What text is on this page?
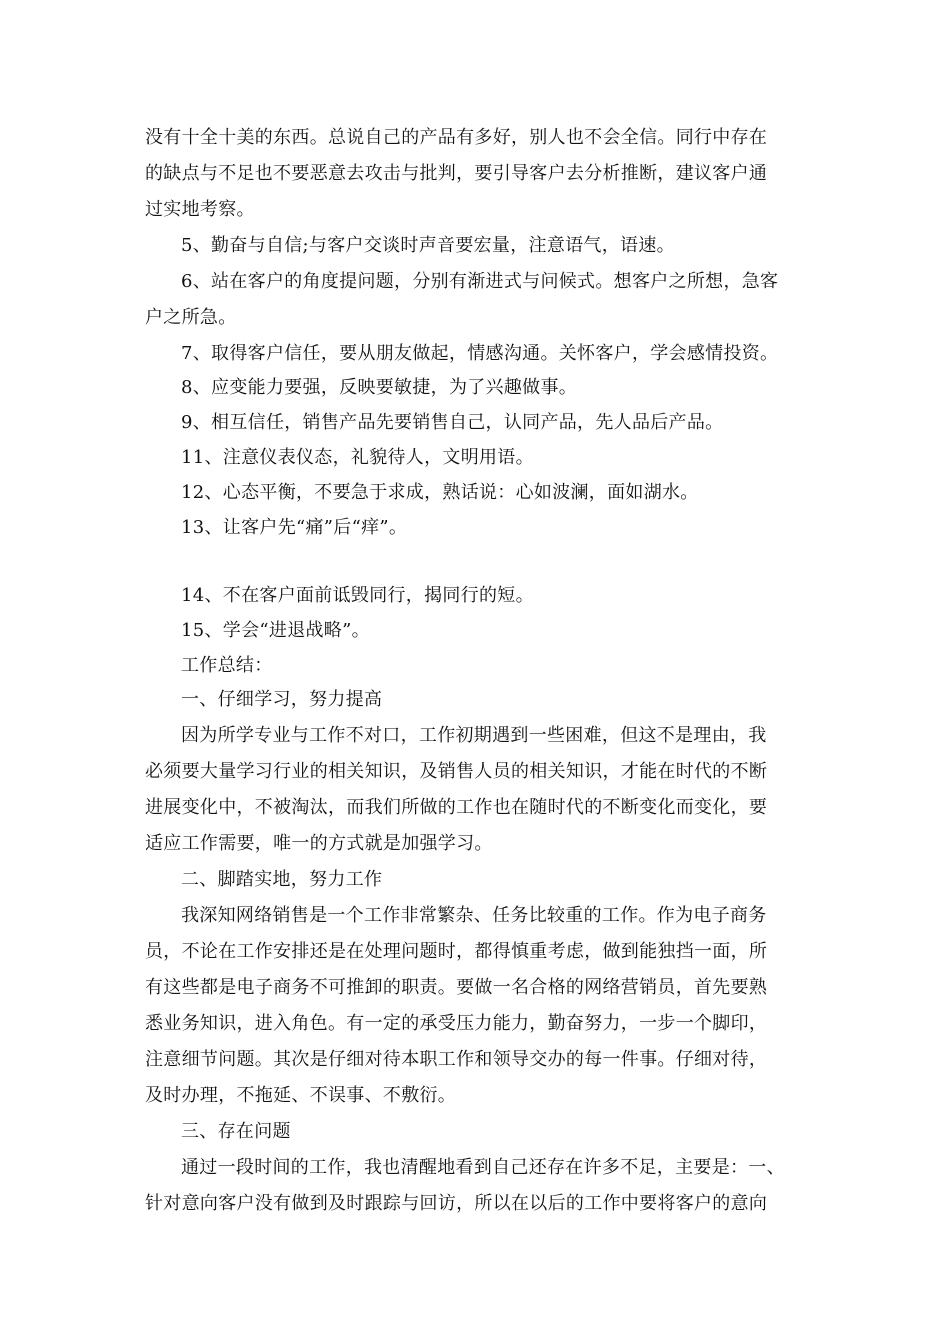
没有十全十美的东西。总说自己的产品有多好，别人也不会全信。同行中存在
的缺点与不足也不要恶意去攻击与批判，要引导客户去分析推断，建议客户通
过实地考察。
5、勤奋与自信;与客户交谈时声音要宏量，注意语气，语速。
6、站在客户的角度提问题，分别有渐进式与问候式。想客户之所想，急客
户之所急。
7、取得客户信任，要从朋友做起，情感沟通。关怀客户，学会感情投资。
8、应变能力要强，反映要敏捷，为了兴趣做事。
9、相互信任，销售产品先要销售自己，认同产品，先人品后产品。
11、注意仪表仪态，礼貌待人，文明用语。
12、心态平衡，不要急于求成，熟话说：心如波澜，面如湖水。
13、让客户先“痛”后“痒”。
14、不在客户面前诋毁同行，揭同行的短。
15、学会“进退战略”。
工作总结：
一、仔细学习，努力提高
因为所学专业与工作不对口，工作初期遇到一些困难，但这不是理由，我
必须要大量学习行业的相关知识，及销售人员的相关知识，才能在时代的不断
进展变化中，不被淘汰，而我们所做的工作也在随时代的不断变化而变化，要
适应工作需要，唯一的方式就是加强学习。
二、脚踏实地，努力工作
我深知网络销售是一个工作非常繁杂、任务比较重的工作。作为电子商务
员，不论在工作安排还是在处理问题时，都得慎重考虑，做到能独挡一面，所
有这些都是电子商务不可推卸的职责。要做一名合格的网络营销员，首先要熟
悉业务知识，进入角色。有一定的承受压力能力，勤奋努力，一步一个脚印，
注意细节问题。其次是仔细对待本职工作和领导交办的每一件事。仔细对待，
及时办理，不拖延、不误事、不敷衍。
三、存在问题
通过一段时间的工作，我也清醒地看到自己还存在许多不足，主要是：一、
针对意向客户没有做到及时跟踪与回访，所以在以后的工作中要将客户的意向
